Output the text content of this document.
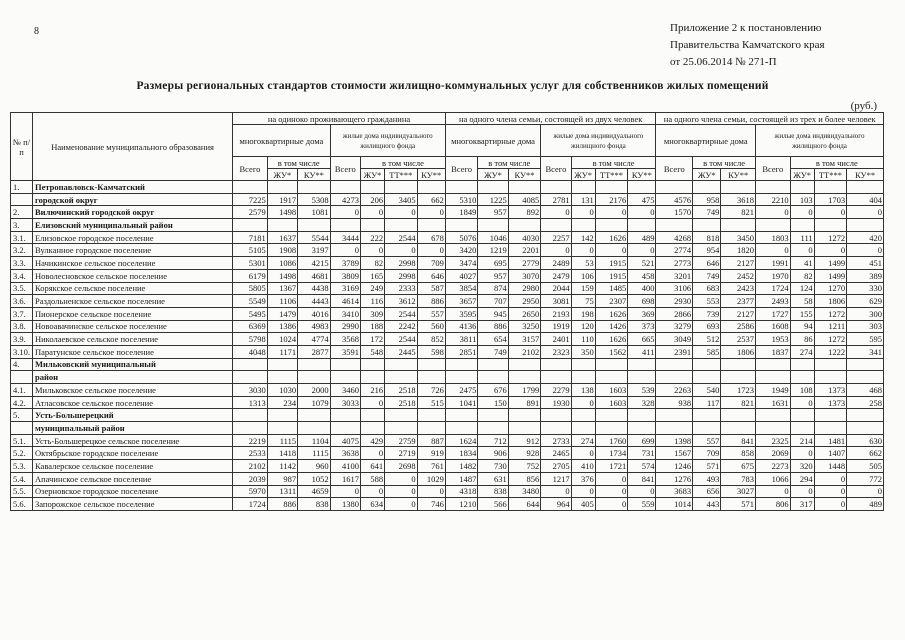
8	Приложение 2 к постановлению
Правительства Камчатского края
от 25.06.2014 № 271-П
Размеры региональных стандартов стоимости жилищно-коммунальных услуг для собственников жилых помещений
(руб.)
№ п/п	Наименование муниципального образования	на одиноко проживающего гражданина							на одного члена семьи, состоящей из двух человек							на одного члена семьи, состоящей из трех и более человек						
		многоквартирные дома			жилые дома индивидуального жилищного фонда				многоквартирные дома			жилые дома индивидуального жилищного фонда				многоквартирные дома			жилые дома индивидуального жилищного фонда			
		Всего	в том числе		Всего	в том числе			Всего	в том числе		Всего	в том числе			Всего	в том числе		Всего	в том числе		
			ЖУ*	КУ**		ЖУ*	ТТ***	КУ**		ЖУ*	КУ**		ЖУ*	ТТ***	КУ**		ЖУ*	КУ**		ЖУ*	ТТ***	КУ**
1.	Петропавловск-Камчатский																					
	городской округ	7225	1917	5308	4273	206	3405	662	5310	1225	4085	2781	131	2176	475	4576	958	3618	2210	103	1703	404
2.	Вилючинский городской округ	2579	1498	1081	0	0	0	0	1849	957	892	0	0	0	0	1570	749	821	0	0	0	0
3.	Елизовский муниципальный район																					
3.1.	Елизовское городское поселение	7181	1637	5544	3444	222	2544	678	5076	1046	4030	2257	142	1626	489	4268	818	3450	1803	111	1272	420
3.2.	Вулканное городское поселение	5105	1908	3197	0	0	0	0	3420	1219	2201	0	0	0	0	2774	954	1820	0	0	0	0
3.3.	Начикинское сельское поселение	5301	1086	4215	3789	82	2998	709	3474	695	2779	2489	53	1915	521	2773	646	2127	1991	41	1499	451
3.4.	Новолесновское сельское поселение	6179	1498	4681	3809	165	2998	646	4027	957	3070	2479	106	1915	458	3201	749	2452	1970	82	1499	389
3.5.	Корякское сельское поселение	5805	1367	4438	3169	249	2333	587	3854	874	2980	2044	159	1485	400	3106	683	2423	1724	124	1270	330
3.6.	Раздольненское сельское поселение	5549	1106	4443	4614	116	3612	886	3657	707	2950	3081	75	2307	698	2930	553	2377	2493	58	1806	629
3.7.	Пионерское сельское поселение	5495	1479	4016	3410	309	2544	557	3595	945	2650	2193	198	1626	369	2866	739	2127	1727	155	1272	300
3.8.	Новоавачинское сельское поселение	6369	1386	4983	2990	188	2242	560	4136	886	3250	1919	120	1426	373	3279	693	2586	1608	94	1211	303
3.9.	Николаевское сельское поселение	5798	1024	4774	3568	172	2544	852	3811	654	3157	2401	110	1626	665	3049	512	2537	1953	86	1272	595
3.10.	Паратунское сельское поселение	4048	1171	2877	3591	548	2445	598	2851	749	2102	2323	350	1562	411	2391	585	1806	1837	274	1222	341
4.	Мильковский муниципальный																					
	район																					
4.1.	Мильковское сельское поселение	3030	1030	2000	3460	216	2518	726	2475	676	1799	2279	138	1603	539	2263	540	1723	1949	108	1373	468
4.2.	Атласовское сельское поселение	1313	234	1079	3033	0	2518	515	1041	150	891	1930	0	1603	328	938	117	821	1631	0	1373	258
5.	Усть-Большерецкий																					
	муниципальный район																					
5.1.	Усть-Большерецкое сельское поселение	2219	1115	1104	4075	429	2759	887	1624	712	912	2733	274	1760	699	1398	557	841	2325	214	1481	630
5.2.	Октябрьское городское поселение	2533	1418	1115	3638	0	2719	919	1834	906	928	2465	0	1734	731	1567	709	858	2069	0	1407	662
5.3.	Кавалерское сельское поселение	2102	1142	960	4100	641	2698	761	1482	730	752	2705	410	1721	574	1246	571	675	2273	320	1448	505
5.4.	Апачинское сельское поселение	2039	987	1052	1617	588	0	1029	1487	631	856	1217	376	0	841	1276	493	783	1066	294	0	772
5.5.	Озерновское городское поселение	5970	1311	4659	0	0	0	0	4318	838	3480	0	0	0	0	3683	656	3027	0	0	0	0
5.6.	Запорожское сельское поселение	1724	886	838	1380	634	0	746	1210	566	644	964	405	0	559	1014	443	571	806	317	0	489
